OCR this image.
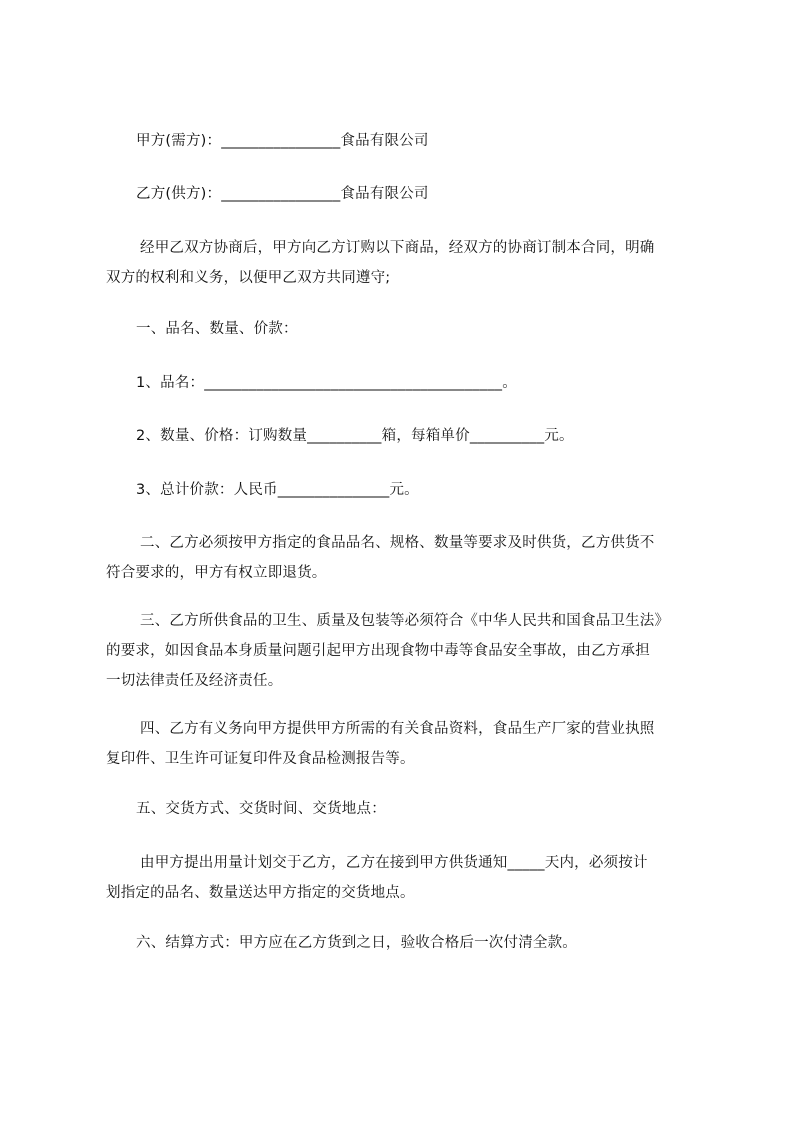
甲方(需方)：________________食品有限公司

乙方(供方)：________________食品有限公司

经甲乙双方协商后，甲方向乙方订购以下商品，经双方的协商订制本合同，明确
双方的权利和义务，以便甲乙双方共同遵守;

一、品名、数量、价款：

1、品名：________________________________________。

2、数量、价格：订购数量__________箱，每箱单价__________元。

3、总计价款：人民币_______________元。

二、乙方必须按甲方指定的食品品名、规格、数量等要求及时供货，乙方供货不
符合要求的，甲方有权立即退货。
三、乙方所供食品的卫生、质量及包装等必须符合《中华人民共和国食品卫生法》
的要求，如因食品本身质量问题引起甲方出现食物中毒等食品安全事故，由乙方承担
一切法律责任及经济责任。
四、乙方有义务向甲方提供甲方所需的有关食品资料，食品生产厂家的营业执照
复印件、卫生许可证复印件及食品检测报告等。

五、交货方式、交货时间、交货地点：

由甲方提出用量计划交于乙方，乙方在接到甲方供货通知_____天内，必须按计
划指定的品名、数量送达甲方指定的交货地点。

六、结算方式：甲方应在乙方货到之日，验收合格后一次付清全款。
